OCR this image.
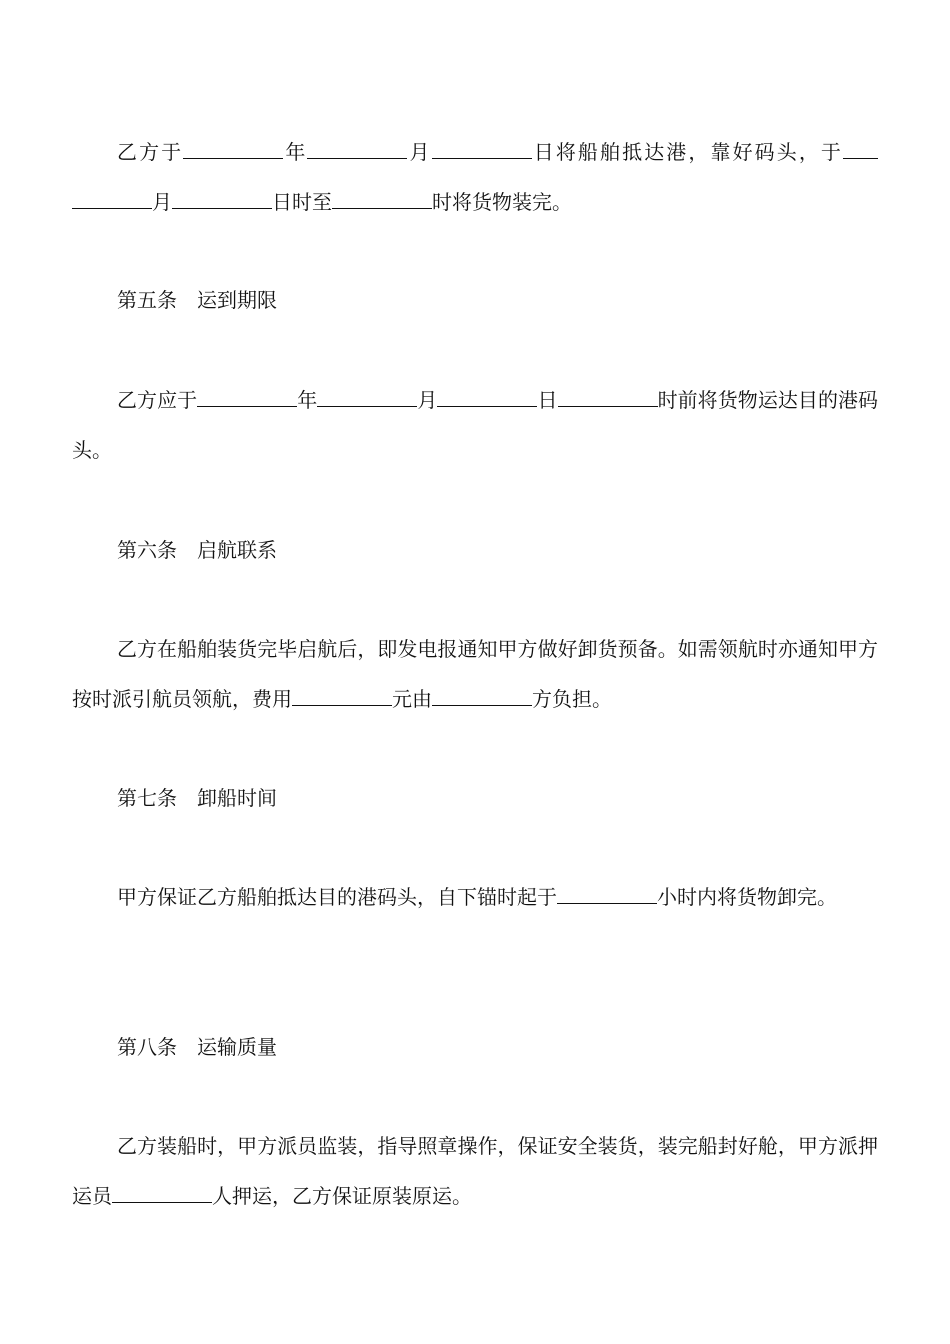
乙方于	年	月	日将船舶抵达港，靠好码头，于月	日时至	时将货物装完。

第五条　运到期限

乙方应于	年	月	日	时前将货物运达目的港码头。

第六条　启航联系

乙方在船舶装货完毕启航后，即发电报通知甲方做好卸货预备。如需领航时亦通知甲方按时派引航员领航，费用	元由	方负担。

第七条　卸船时间

甲方保证乙方船舶抵达目的港码头，自下锚时起于	小时内将货物卸完。

第八条　运输质量

乙方装船时，甲方派员监装，指导照章操作，保证安全装货，装完船封好舱，甲方派押运员	人押运，乙方保证原装原运。
